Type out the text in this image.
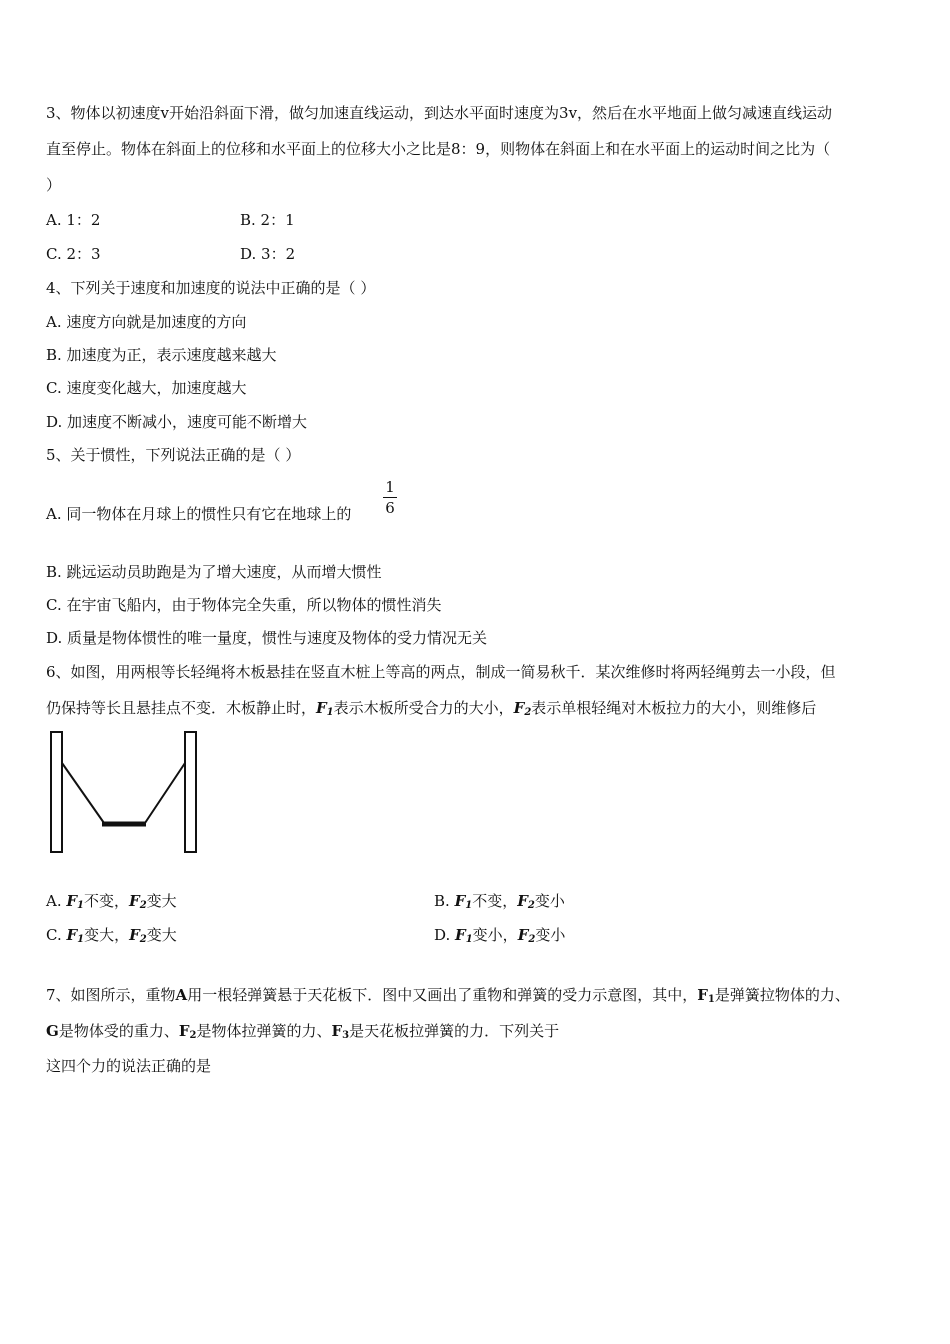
3、物体以初速度v开始沿斜面下滑，做匀加速直线运动，到达水平面时速度为3v，然后在水平地面上做匀减速直线运动
直至停止。物体在斜面上的位移和水平面上的位移大小之比是8：9，则物体在斜面上和在水平面上的运动时间之比为（
）
A. 1：2	B. 2：1
C. 2：3	D. 3：2
4、下列关于速度和加速度的说法中正确的是（ ）
A. 速度方向就是加速度的方向
B. 加速度为正，表示速度越来越大
C. 速度变化越大，加速度越大
D. 加速度不断减小，速度可能不断增大
5、关于惯性，下列说法正确的是（ ）
A. 同一物体在月球上的惯性只有它在地球上的
1
6
B. 跳远运动员助跑是为了增大速度，从而增大惯性
C. 在宇宙飞船内，由于物体完全失重，所以物体的惯性消失
D. 质量是物体惯性的唯一量度，惯性与速度及物体的受力情况无关
6、如图，用两根等长轻绳将木板悬挂在竖直木桩上等高的两点，制成一简易秋千．某次维修时将两轻绳剪去一小段，但
仍保持等长且悬挂点不变．木板静止时，$F_1$表示木板所受合力的大小，$F_2$表示单根轻绳对木板拉力的大小，则维修后
A. $F_1$不变，$F_2$变大	B. $F_1$不变，$F_2$变小
C. $F_1$变大，$F_2$变大	D. $F_1$变小，$F_2$变小
7、如图所示，重物A用一根轻弹簧悬于天花板下．图中又画出了重物和弹簧的受力示意图，其中，$F_1$是弹簧拉物体的力、
G是物体受的重力、$F_2$是物体拉弹簧的力、$F_3$是天花板拉弹簧的力．下列关于
这四个力的说法正确的是
